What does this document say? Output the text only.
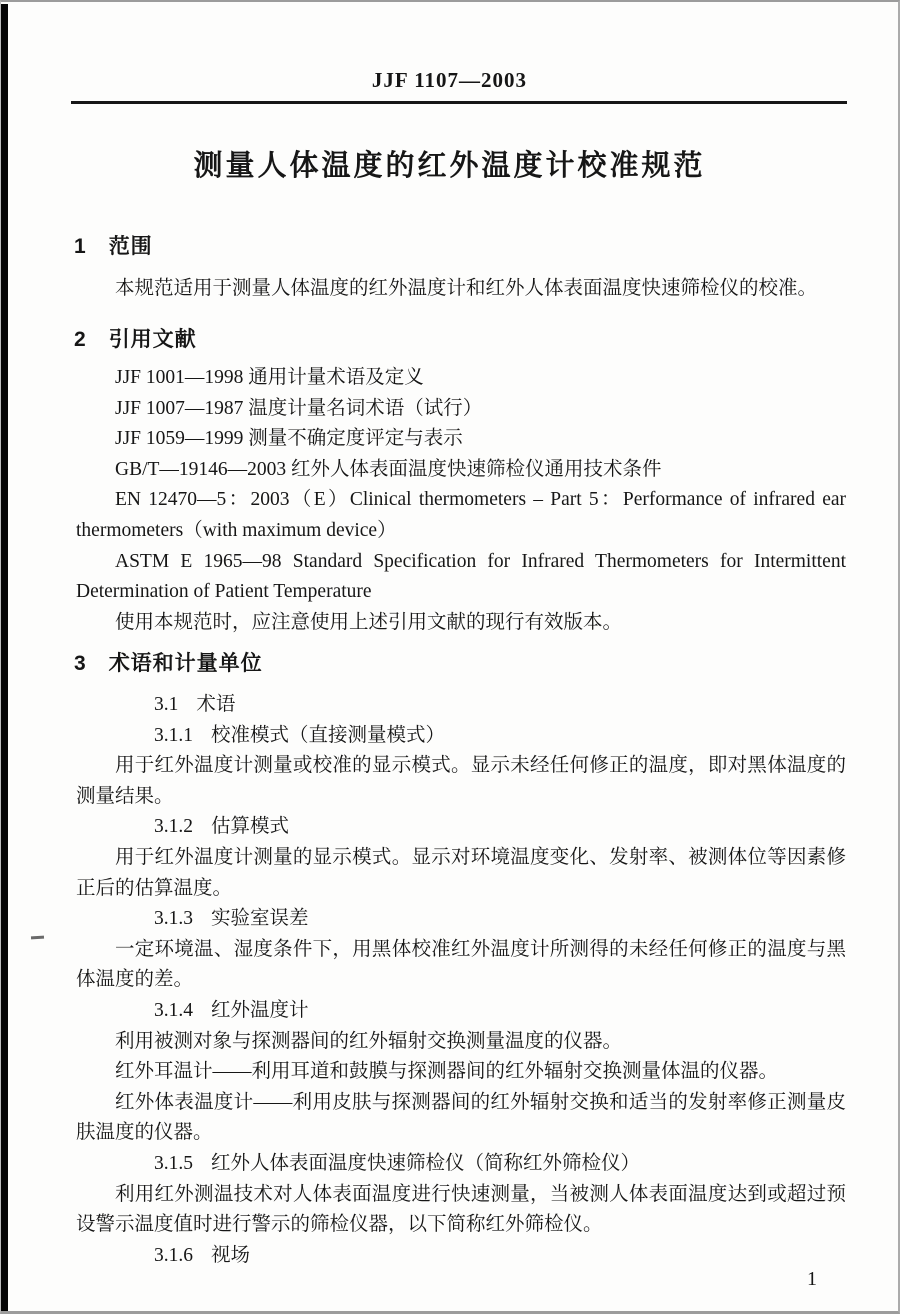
JJF 1107—2003
测量人体温度的红外温度计校准规范
1 范围

本规范适用于测量人体温度的红外温度计和红外人体表面温度快速筛检仪的校准。

2 引用文献

JJF 1001—1998 通用计量术语及定义

JJF 1007—1987 温度计量名词术语（试行）

JJF 1059—1999 测量不确定度评定与表示

GB/T—19146—2003 红外人体表面温度快速筛检仪通用技术条件

EN 12470—5：2003（E）Clinical thermometers – Part 5：Performance of infrared ear thermometers（with maximum device）

ASTM E 1965—98 Standard Specification for Infrared Thermometers for Intermittent Determination of Patient Temperature

使用本规范时，应注意使用上述引用文献的现行有效版本。

3 术语和计量单位

3.1 术语

3.1.1 校准模式（直接测量模式）

用于红外温度计测量或校准的显示模式。显示未经任何修正的温度，即对黑体温度的测量结果。

3.1.2 估算模式

用于红外温度计测量的显示模式。显示对环境温度变化、发射率、被测体位等因素修正后的估算温度。

3.1.3 实验室误差

一定环境温、湿度条件下，用黑体校准红外温度计所测得的未经任何修正的温度与黑体温度的差。

3.1.4 红外温度计

利用被测对象与探测器间的红外辐射交换测量温度的仪器。

红外耳温计——利用耳道和鼓膜与探测器间的红外辐射交换测量体温的仪器。

红外体表温度计——利用皮肤与探测器间的红外辐射交换和适当的发射率修正测量皮肤温度的仪器。

3.1.5 红外人体表面温度快速筛检仪（简称红外筛检仪）

利用红外测温技术对人体表面温度进行快速测量，当被测人体表面温度达到或超过预设警示温度值时进行警示的筛检仪器，以下简称红外筛检仪。

3.1.6 视场

1
